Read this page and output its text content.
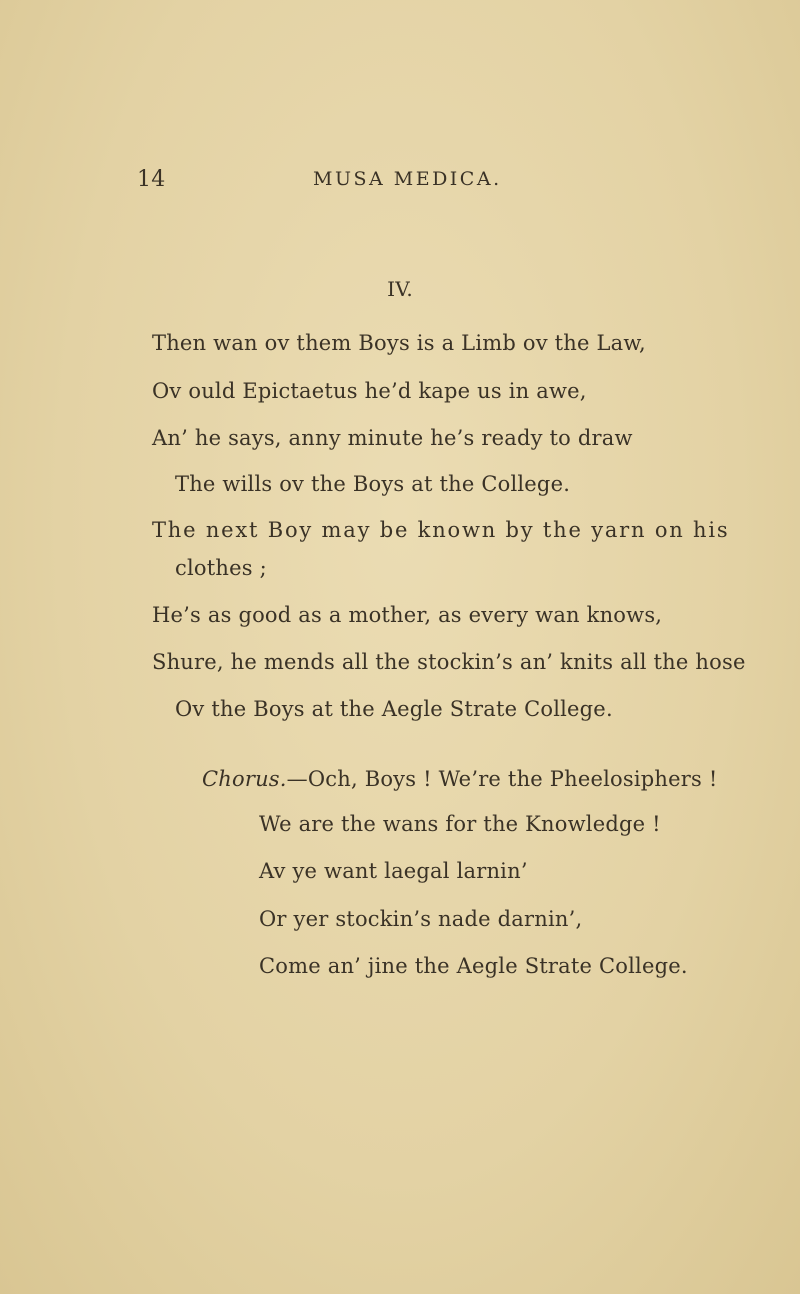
14	MUSA MEDICA.
IV.
Then wan ov them Boys is a Limb ov the Law,
Ov ould Epictaetus he’d kape us in awe,
An’ he says, anny minute he’s ready to draw
The wills ov the Boys at the College.
The next Boy may be known by the yarn on his
clothes ;
He’s as good as a mother, as every wan knows,
Shure, he mends all the stockin’s an’ knits all the hose
Ov the Boys at the Aegle Strate College.
Chorus.—Och, Boys ! We’re the Pheelosiphers !
We are the wans for the Knowledge !
Av ye want laegal larnin’
Or yer stockin’s nade darnin’,
Come an’ jine the Aegle Strate College.
